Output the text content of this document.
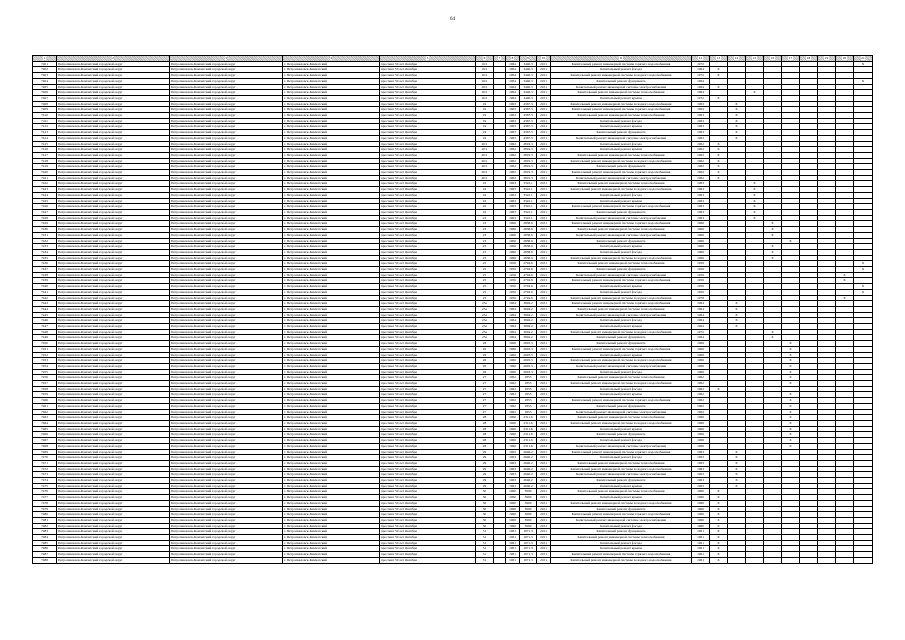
64
1	2	3	4	5	6	7	8	9	10	11	12	13	14	15	16	17	18	19	20	21
7401	Петропавловск-Камчатский городской округ	Петропавловск-Камчатский городской округ	г. Петропавловск-Камчатский	проспект 50 лет Октября	16/1		1964	3446.3	2101	Капитальный ремонт инженерной системы горячего водоснабжения	1972									X
7402	Петропавловск-Камчатский городской округ	Петропавловск-Камчатский городской округ	г. Петропавловск-Камчатский	проспект 50 лет Октября	16/1		1964	3446.3	2101	Капитальный ремонт фасада	1964	X								
7403	Петропавловск-Камчатский городской округ	Петропавловск-Камчатский городской округ	г. Петропавловск-Камчатский	проспект 50 лет Октября	16/1		1964	3446.3	2101	Капитальный ремонт инженерной системы холодного водоснабжения	1972	X								
7404	Петропавловск-Камчатский городской округ	Петропавловск-Камчатский городской округ	г. Петропавловск-Камчатский	проспект 50 лет Октября	16/1		1964	3446.3	2101	Капитальный ремонт фундамента	1964									X
7405	Петропавловск-Камчатский городской округ	Петропавловск-Камчатский городской округ	г. Петропавловск-Камчатский	проспект 50 лет Октября	16/1		1964	3446.3	2101	Капитальный ремонт инженерной системы электроснабжения	1964	X								
7406	Петропавловск-Камчатский городской округ	Петропавловск-Камчатский городской округ	г. Петропавловск-Камчатский	проспект 50 лет Октября	16/1		1964	3446.3	2101	Капитальный ремонт инженерной системы теплоснабжения	1964			X						
7407	Петропавловск-Камчатский городской округ	Петропавловск-Камчатский городской округ	г. Петропавловск-Камчатский	проспект 50 лет Октября	16/1		1964	3446.3	2101	Капитальный ремонт крыши	1972	X								
7408	Петропавловск-Камчатский городской округ	Петропавловск-Камчатский городской округ	г. Петропавловск-Камчатский	проспект 50 лет Октября	19		1963	4367.3	2101	Капитальный ремонт инженерной системы холодного водоснабжения	1963		X							
7409	Петропавловск-Камчатский городской округ	Петропавловск-Камчатский городской округ	г. Петропавловск-Камчатский	проспект 50 лет Октября	19		1963	4367.3	2101	Капитальный ремонт инженерной системы горячего водоснабжения	1963		X							
7410	Петропавловск-Камчатский городской округ	Петропавловск-Камчатский городской округ	г. Петропавловск-Камчатский	проспект 50 лет Октября	19		1963	4367.3	2101	Капитальный ремонт инженерной системы теплоснабжения	1963		X							
7411	Петропавловск-Камчатский городской округ	Петропавловск-Камчатский городской округ	г. Петропавловск-Камчатский	проспект 50 лет Октября	19		1963	4367.3	2101	Капитальный ремонт фасада	1963		X							
7412	Петропавловск-Камчатский городской округ	Петропавловск-Камчатский городской округ	г. Петропавловск-Камчатский	проспект 50 лет Октября	19		1963	4367.3	2101	Капитальный ремонт крыши	1963		X							
7413	Петропавловск-Камчатский городской округ	Петропавловск-Камчатский городской округ	г. Петропавловск-Камчатский	проспект 50 лет Октября	19		1963	4367.3	2101	Капитальный ремонт фундамента	1963		X							
7414	Петропавловск-Камчатский городской округ	Петропавловск-Камчатский городской округ	г. Петропавловск-Камчатский	проспект 50 лет Октября	19		1963	4367.3	2101	Капитальный ремонт инженерной системы электроснабжения	1963		X							
7415	Петропавловск-Камчатский городской округ	Петропавловск-Камчатский городской округ	г. Петропавловск-Камчатский	проспект 50 лет Октября	20/1		1962	2819.3	2101	Капитальный ремонт фасада	1962	X								
7416	Петропавловск-Камчатский городской округ	Петропавловск-Камчатский городской округ	г. Петропавловск-Камчатский	проспект 50 лет Октября	20/1		1962	2819.3	2101	Капитальный ремонт крыши	1962	X								
7417	Петропавловск-Камчатский городской округ	Петропавловск-Камчатский городской округ	г. Петропавловск-Камчатский	проспект 50 лет Октября	20/1		1962	2819.3	2101	Капитальный ремонт инженерной системы теплоснабжения	1962	X								
7418	Петропавловск-Камчатский городской округ	Петропавловск-Камчатский городской округ	г. Петропавловск-Камчатский	проспект 50 лет Октября	20/1		1962	2819.3	2101	Капитальный ремонт инженерной системы холодного водоснабжения	1962	X								
7419	Петропавловск-Камчатский городской округ	Петропавловск-Камчатский городской округ	г. Петропавловск-Камчатский	проспект 50 лет Октября	20/1		1962	2819.3	2101	Капитальный ремонт фундамента	1962	X								
7420	Петропавловск-Камчатский городской округ	Петропавловск-Камчатский городской округ	г. Петропавловск-Камчатский	проспект 50 лет Октября	20/1		1962	2819.3	2101	Капитальный ремонт инженерной системы горячего водоснабжения	1962	X								
7421	Петропавловск-Камчатский городской округ	Петропавловск-Камчатский городской округ	г. Петропавловск-Камчатский	проспект 50 лет Октября	20/1		1962	2819.3	2101	Капитальный ремонт инженерной системы электроснабжения	1962	X								
7422	Петропавловск-Камчатский городской округ	Петропавловск-Камчатский городской округ	г. Петропавловск-Камчатский	проспект 50 лет Октября	22		1963	3322.1	2101	Капитальный ремонт инженерной системы теплоснабжения	1963			X						
7423	Петропавловск-Камчатский городской округ	Петропавловск-Камчатский городской округ	г. Петропавловск-Камчатский	проспект 50 лет Октября	22		1963	3322.1	2101	Капитальный ремонт инженерной системы холодного водоснабжения	1963			X						
7424	Петропавловск-Камчатский городской округ	Петропавловск-Камчатский городской округ	г. Петропавловск-Камчатский	проспект 50 лет Октября	22		1963	3322.1	2101	Капитальный ремонт фасада	1963			X						
7425	Петропавловск-Камчатский городской округ	Петропавловск-Камчатский городской округ	г. Петропавловск-Камчатский	проспект 50 лет Октября	22		1963	3322.1	2101	Капитальный ремонт крыши	1963			X						
7426	Петропавловск-Камчатский городской округ	Петропавловск-Камчатский городской округ	г. Петропавловск-Камчатский	проспект 50 лет Октября	22		1963	3322.1	2101	Капитальный ремонт инженерной системы горячего водоснабжения	1963			X						
7427	Петропавловск-Камчатский городской округ	Петропавловск-Камчатский городской округ	г. Петропавловск-Камчатский	проспект 50 лет Октября	22		1963	3322.1	2101	Капитальный ремонт фундамента	1963			X						
7428	Петропавловск-Камчатский городской округ	Петропавловск-Камчатский городской округ	г. Петропавловск-Камчатский	проспект 50 лет Октября	22		1963	3322.1	2101	Капитальный ремонт инженерной системы электроснабжения	1963			X						
7429	Петропавловск-Камчатский городской округ	Петропавловск-Камчатский городской округ	г. Петропавловск-Камчатский	проспект 50 лет Октября	23		1966	2838.9	2101	Капитальный ремонт инженерной системы горячего водоснабжения	1966				X					
7430	Петропавловск-Камчатский городской округ	Петропавловск-Камчатский городской округ	г. Петропавловск-Камчатский	проспект 50 лет Октября	23		1966	2838.9	2101	Капитальный ремонт инженерной системы теплоснабжения	1966				X					
7431	Петропавловск-Камчатский городской округ	Петропавловск-Камчатский городской округ	г. Петропавловск-Камчатский	проспект 50 лет Октября	23		1966	2838.9	2101	Капитальный ремонт инженерной системы электроснабжения	1966				X					
7432	Петропавловск-Камчатский городской округ	Петропавловск-Камчатский городской округ	г. Петропавловск-Камчатский	проспект 50 лет Октября	23		1966	2838.9	2101	Капитальный ремонт фундамента	1966					X				
7433	Петропавловск-Камчатский городской округ	Петропавловск-Камчатский городской округ	г. Петропавловск-Камчатский	проспект 50 лет Октября	23		1966	2838.9	2101	Капитальный ремонт крыши	1966				X					
7434	Петропавловск-Камчатский городской округ	Петропавловск-Камчатский городской округ	г. Петропавловск-Камчатский	проспект 50 лет Октября	23		1966	2838.9	2101	Капитальный ремонт фасада	1966				X					
7435	Петропавловск-Камчатский городской округ	Петропавловск-Камчатский городской округ	г. Петропавловск-Камчатский	проспект 50 лет Октября	23		1966	2838.9	2101	Капитальный ремонт инженерной системы холодного водоснабжения	1966				X					
7436	Петропавловск-Камчатский городской округ	Петропавловск-Камчатский городской округ	г. Петропавловск-Камчатский	проспект 50 лет Октября	25		1956	2794.6	2101	Капитальный ремонт инженерной системы теплоснабжения	1956									X
7437	Петропавловск-Камчатский городской округ	Петропавловск-Камчатский городской округ	г. Петропавловск-Камчатский	проспект 50 лет Октября	25		1956	2794.6	2101	Капитальный ремонт фундамента	1956									X
7438	Петропавловск-Камчатский городской округ	Петропавловск-Камчатский городской округ	г. Петропавловск-Камчатский	проспект 50 лет Октября	25		1956	2794.6	2101	Капитальный ремонт инженерной системы электроснабжения	1956								X	
7439	Петропавловск-Камчатский городской округ	Петропавловск-Камчатский городской округ	г. Петропавловск-Камчатский	проспект 50 лет Октября	25		1956	2794.6	2101	Капитальный ремонт инженерной системы горячего водоснабжения	1956								X	
7440	Петропавловск-Камчатский городской округ	Петропавловск-Камчатский городской округ	г. Петропавловск-Камчатский	проспект 50 лет Октября	25		1956	2794.6	2101	Капитальный ремонт крыши	1956									X
7441	Петропавловск-Камчатский городской округ	Петропавловск-Камчатский городской округ	г. Петропавловск-Камчатский	проспект 50 лет Октября	25		1956	2794.6	2101	Капитальный ремонт фасада	1956									X
7442	Петропавловск-Камчатский городской округ	Петропавловск-Камчатский городской округ	г. Петропавловск-Камчатский	проспект 50 лет Октября	25		1956	2794.6	2101	Капитальный ремонт инженерной системы холодного водоснабжения	1978								X	
7443	Петропавловск-Камчатский городской округ	Петропавловск-Камчатский городской округ	г. Петропавловск-Камчатский	проспект 50 лет Октября	25a		1964	3694.2	2101	Капитальный ремонт инженерной системы горячего водоснабжения	1964		X							
7444	Петропавловск-Камчатский городской округ	Петропавловск-Камчатский городской округ	г. Петропавловск-Камчатский	проспект 50 лет Октября	25a		1964	3694.2	2101	Капитальный ремонт инженерной системы теплоснабжения	1964		X							
7445	Петропавловск-Камчатский городской округ	Петропавловск-Камчатский городской округ	г. Петропавловск-Камчатский	проспект 50 лет Октября	25a		1964	3694.2	2101	Капитальный ремонт инженерной системы электроснабжения	1964		X							
7446	Петропавловск-Камчатский городской округ	Петропавловск-Камчатский городской округ	г. Петропавловск-Камчатский	проспект 50 лет Октября	25a		1964	3694.2	2101	Капитальный ремонт фасада	1964		X							
7447	Петропавловск-Камчатский городской округ	Петропавловск-Камчатский городской округ	г. Петропавловск-Камчатский	проспект 50 лет Октября	25a		1964	3694.2	2101	Капитальный ремонт крыши	1964		X							
7448	Петропавловск-Камчатский городской округ	Петропавловск-Камчатский городской округ	г. Петропавловск-Камчатский	проспект 50 лет Октября	25a		1964	3694.2	2101	Капитальный ремонт инженерной системы холодного водоснабжения	1972				X					
7449	Петропавловск-Камчатский городской округ	Петропавловск-Камчатский городской округ	г. Петропавловск-Камчатский	проспект 50 лет Октября	25a		1964	3694.2	2101	Капитальный ремонт фундамента	1964				X					
7450	Петропавловск-Камчатский городской округ	Петропавловск-Камчатский городской округ	г. Петропавловск-Камчатский	проспект 50 лет Октября	26		1966	2693.3	2101	Капитальный ремонт фундамента	1966					X				
7451	Петропавловск-Камчатский городской округ	Петропавловск-Камчатский городской округ	г. Петропавловск-Камчатский	проспект 50 лет Октября	26		1966	2693.3	2101	Капитальный ремонт инженерной системы горячего водоснабжения	1966					X				
7452	Петропавловск-Камчатский городской округ	Петропавловск-Камчатский городской округ	г. Петропавловск-Камчатский	проспект 50 лет Октября	26		1966	2693.3	2101	Капитальный ремонт крыши	1966					X				
7453	Петропавловск-Камчатский городской округ	Петропавловск-Камчатский городской округ	г. Петропавловск-Камчатский	проспект 50 лет Октября	26		1966	2693.3	2101	Капитальный ремонт инженерной системы холодного водоснабжения	1966					X				
7454	Петропавловск-Камчатский городской округ	Петропавловск-Камчатский городской округ	г. Петропавловск-Камчатский	проспект 50 лет Октября	26		1966	2693.3	2101	Капитальный ремонт инженерной системы электроснабжения	1966					X				
7455	Петропавловск-Камчатский городской округ	Петропавловск-Камчатский городской округ	г. Петропавловск-Камчатский	проспект 50 лет Октября	26		1966	2693.3	2101	Капитальный ремонт фасада	1966					X				
7456	Петропавловск-Камчатский городской округ	Петропавловск-Камчатский городской округ	г. Петропавловск-Камчатский	проспект 50 лет Октября	27		1962	1853	2101	Капитальный ремонт инженерной системы теплоснабжения	1962					X				
7457	Петропавловск-Камчатский городской округ	Петропавловск-Камчатский городской округ	г. Петропавловск-Камчатский	проспект 50 лет Октября	27		1962	1853	2101	Капитальный ремонт инженерной системы холодного водоснабжения	1962					X				
7458	Петропавловск-Камчатский городской округ	Петропавловск-Камчатский городской округ	г. Петропавловск-Камчатский	проспект 50 лет Октября	27		1962	1853	2101	Капитальный ремонт фасада	1962	X								
7459	Петропавловск-Камчатский городской округ	Петропавловск-Камчатский городской округ	г. Петропавловск-Камчатский	проспект 50 лет Октября	27		1962	1853	2101	Капитальный ремонт крыши	1962					X				
7460	Петропавловск-Камчатский городской округ	Петропавловск-Камчатский городской округ	г. Петропавловск-Камчатский	проспект 50 лет Октября	27		1962	1853	2101	Капитальный ремонт инженерной системы горячего водоснабжения	1962					X				
7461	Петропавловск-Камчатский городской округ	Петропавловск-Камчатский городской округ	г. Петропавловск-Камчатский	проспект 50 лет Октября	27		1962	1853	2101	Капитальный ремонт фундамента	1962					X				
7462	Петропавловск-Камчатский городской округ	Петропавловск-Камчатский городской округ	г. Петропавловск-Камчатский	проспект 50 лет Октября	27		1962	1853	2101	Капитальный ремонт инженерной системы электроснабжения	1962					X				
7463	Петропавловск-Камчатский городской округ	Петропавловск-Камчатский городской округ	г. Петропавловск-Камчатский	проспект 50 лет Октября	28		1966	2311.6	2101	Капитальный ремонт инженерной системы теплоснабжения	1966					X				
7464	Петропавловск-Камчатский городской округ	Петропавловск-Камчатский городской округ	г. Петропавловск-Камчатский	проспект 50 лет Октября	28		1966	2311.6	2101	Капитальный ремонт инженерной системы холодного водоснабжения	1966					X				
7465	Петропавловск-Камчатский городской округ	Петропавловск-Камчатский городской округ	г. Петропавловск-Камчатский	проспект 50 лет Октября	28		1966	2311.6	2101	Капитальный ремонт крыши	1966					X				
7466	Петропавловск-Камчатский городской округ	Петропавловск-Камчатский городской округ	г. Петропавловск-Камчатский	проспект 50 лет Октября	28		1966	2311.6	2101	Капитальный ремонт фундамента	1966					X				
7467	Петропавловск-Камчатский городской округ	Петропавловск-Камчатский городской округ	г. Петропавловск-Камчатский	проспект 50 лет Октября	28		1966	2311.6	2101	Капитальный ремонт фасада	1966					X				
7468	Петропавловск-Камчатский городской округ	Петропавловск-Камчатский городской округ	г. Петропавловск-Камчатский	проспект 50 лет Октября	28		1966	2311.6	2101	Капитальный ремонт инженерной системы электроснабжения	1966					X				
7469	Петропавловск-Камчатский городской округ	Петропавловск-Камчатский городской округ	г. Петропавловск-Камчатский	проспект 50 лет Октября	29		1963	2646.2	2101	Капитальный ремонт инженерной системы горячего водоснабжения	1963		X							
7470	Петропавловск-Камчатский городской округ	Петропавловск-Камчатский городской округ	г. Петропавловск-Камчатский	проспект 50 лет Октября	29		1963	2646.2	2101	Капитальный ремонт фасада	1963		X							
7471	Петропавловск-Камчатский городской округ	Петропавловск-Камчатский городской округ	г. Петропавловск-Камчатский	проспект 50 лет Октября	29		1963	2646.2	2101	Капитальный ремонт инженерной системы теплоснабжения	1963		X							
7472	Петропавловск-Камчатский городской округ	Петропавловск-Камчатский городской округ	г. Петропавловск-Камчатский	проспект 50 лет Октября	29		1963	2646.2	2101	Капитальный ремонт инженерной системы холодного водоснабжения	1963		X							
7473	Петропавловск-Камчатский городской округ	Петропавловск-Камчатский городской округ	г. Петропавловск-Камчатский	проспект 50 лет Октября	29		1963	2646.2	2101	Капитальный ремонт инженерной системы электроснабжения	1963		X							
7474	Петропавловск-Камчатский городской округ	Петропавловск-Камчатский городской округ	г. Петропавловск-Камчатский	проспект 50 лет Октября	29		1963	2646.2	2101	Капитальный ремонт фундамента	1963		X							
7475	Петропавловск-Камчатский городской округ	Петропавловск-Камчатский городской округ	г. Петропавловск-Камчатский	проспект 50 лет Октября	29		1963	2646.2	2101	Капитальный ремонт крыши	1963		X							
7476	Петропавловск-Камчатский городской округ	Петропавловск-Камчатский городской округ	г. Петропавловск-Камчатский	проспект 50 лет Октября	30		1960	3990	2101	Капитальный ремонт инженерной системы теплоснабжения	1960	X								
7477	Петропавловск-Камчатский городской округ	Петропавловск-Камчатский городской округ	г. Петропавловск-Камчатский	проспект 50 лет Октября	30		1960	3990	2101	Капитальный ремонт крыши	1960	X								
7478	Петропавловск-Камчатский городской округ	Петропавловск-Камчатский городской округ	г. Петропавловск-Камчатский	проспект 50 лет Октября	30		1960	3990	2101	Капитальный ремонт инженерной системы холодного водоснабжения	1960	X								
7479	Петропавловск-Камчатский городской округ	Петропавловск-Камчатский городской округ	г. Петропавловск-Камчатский	проспект 50 лет Октября	30		1960	3990	2101	Капитальный ремонт фундамента	1960	X								
7480	Петропавловск-Камчатский городской округ	Петропавловск-Камчатский городской округ	г. Петропавловск-Камчатский	проспект 50 лет Октября	30		1960	3990	2101	Капитальный ремонт инженерной системы горячего водоснабжения	1960	X								
7481	Петропавловск-Камчатский городской округ	Петропавловск-Камчатский городской округ	г. Петропавловск-Камчатский	проспект 50 лет Октября	30		1960	3990	2101	Капитальный ремонт инженерной системы электроснабжения	1960	X								
7482	Петропавловск-Камчатский городской округ	Петропавловск-Камчатский городской округ	г. Петропавловск-Камчатский	проспект 50 лет Октября	30		1960	3990	2101	Капитальный ремонт фасада	1960	X								
7483	Петропавловск-Камчатский городской округ	Петропавловск-Камчатский городской округ	г. Петропавловск-Камчатский	проспект 50 лет Октября	31		1961	1971.3	2101	Капитальный ремонт фундамента	1961	X								
7484	Петропавловск-Камчатский городской округ	Петропавловск-Камчатский городской округ	г. Петропавловск-Камчатский	проспект 50 лет Октября	31		1961	1971.3	2101	Капитальный ремонт инженерной системы теплоснабжения	1961	X								
7485	Петропавловск-Камчатский городской округ	Петропавловск-Камчатский городской округ	г. Петропавловск-Камчатский	проспект 50 лет Октября	31		1961	1971.3	2101	Капитальный ремонт фасада	1961	X								
7486	Петропавловск-Камчатский городской округ	Петропавловск-Камчатский городской округ	г. Петропавловск-Камчатский	проспект 50 лет Октября	31		1961	1971.3	2101	Капитальный ремонт крыши	1961	X								
7487	Петропавловск-Камчатский городской округ	Петропавловск-Камчатский городской округ	г. Петропавловск-Камчатский	проспект 50 лет Октября	31		1961	1971.3	2101	Капитальный ремонт инженерной системы горячего водоснабжения	1961	X								
7488	Петропавловск-Камчатский городской округ	Петропавловск-Камчатский городской округ	г. Петропавловск-Камчатский	проспект 50 лет Октября	31		1961	1971.3	2101	Капитальный ремонт инженерной системы холодного водоснабжения	1961	X								
